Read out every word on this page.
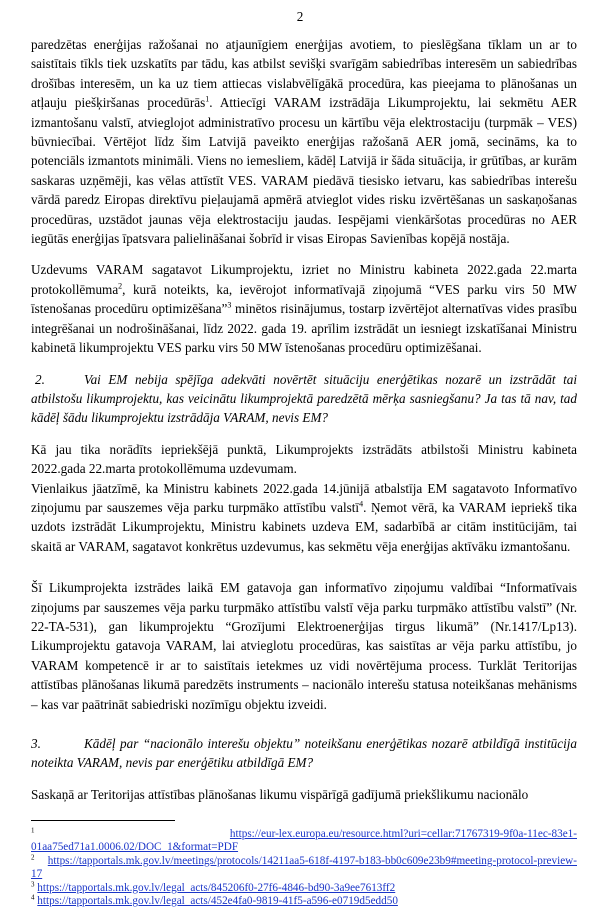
2

paredzētas enerģijas ražošanai no atjaunīgiem enerģijas avotiem, to pieslēgšana tīklam un ar to saistītais tīkls tiek uzskatīts par tādu, kas atbilst sevišķi svarīgām sabiedrības interesēm un sabiedrības drošības interesēm, un ka uz tiem attiecas vislabvēlīgākā procedūra, kas pieejama to plānošanas un atļauju piešķiršanas procedūrās$^1$. Attiecīgi VARAM izstrādāja Likumprojektu, lai sekmētu AER izmantošanu valstī, atvieglojot administratīvo procesu un kārtību vēja elektrostaciju (turpmāk – VES) būvniecībai. Vērtējot līdz šim Latvijā paveikto enerģijas ražošanā AER jomā, secināms, ka to potenciāls izmantots minimāli. Viens no iemesliem, kādēļ Latvijā ir šāda situācija, ir grūtības, ar kurām saskaras uzņēmēji, kas vēlas attīstīt VES. VARAM piedāvā tiesisko ietvaru, kas sabiedrības interešu vārdā paredz Eiropas direktīvu pieļaujamā apmērā atvieglot vides risku izvērtēšanas un saskaņošanas procedūras, uzstādot jaunas vēja elektrostaciju jaudas. Iespējami vienkāršotas procedūras no AER iegūtās enerģijas īpatsvara palielināšanai šobrīd ir visas Eiropas Savienības kopējā nostāja.

Uzdevums VARAM sagatavot Likumprojektu, izriet no Ministru kabineta 2022.gada 22.marta protokollēmuma$^2$, kurā noteikts, ka, ievērojot informatīvajā ziņojumā “VES parku virs 50 MW īstenošanas procedūru optimizēšana”$^3$ minētos risinājumus, tostarp izvērtējot alternatīvas vides prasību integrēšanai un nodrošināšanai, līdz 2022. gada 19. aprīlim izstrādāt un iesniegt izskatīšanai Ministru kabinetā likumprojektu VES parku virs 50 MW īstenošanas procedūru optimizēšanai.

2.	Vai EM nebija spējīga adekvāti novērtēt situāciju enerģētikas nozarē un izstrādāt tai atbilstošu likumprojektu, kas veicinātu likumprojektā paredzētā mērķa sasniegšanu? Ja tas tā nav, tad kādēļ šādu likumprojektu izstrādāja VARAM, nevis EM?

Kā jau tika norādīts iepriekšējā punktā, Likumprojekts izstrādāts atbilstoši Ministru kabineta 2022.gada 22.marta protokollēmuma uzdevumam.

Vienlaikus jāatzīmē, ka Ministru kabinets 2022.gada 14.jūnijā atbalstīja EM sagatavoto Informatīvo ziņojumu par sauszemes vēja parku turpmāko attīstību valstī$^4$. Ņemot vērā, ka VARAM iepriekš tika uzdots izstrādāt Likumprojektu, Ministru kabinets uzdeva EM, sadarbībā ar citām institūcijām, tai skaitā ar VARAM, sagatavot konkrētus uzdevumus, kas sekmētu vēja enerģijas aktīvāku izmantošanu.

Šī Likumprojekta izstrādes laikā EM gatavoja gan informatīvo ziņojumu valdībai “Informatīvais ziņojums par sauszemes vēja parku turpmāko attīstību valstī vēja parku turpmāko attīstību valstī” (Nr. 22-TA-531), gan likumprojektu “Grozījumi Elektroenerģijas tirgus likumā” (Nr.1417/Lp13). Likumprojektu gatavoja VARAM, lai atvieglotu procedūras, kas saistītas ar vēja parku attīstību, jo VARAM kompetencē ir ar to saistītais ietekmes uz vidi novērtējuma process. Turklāt Teritorijas attīstības plānošanas likumā paredzēts instruments – nacionālo interešu statusa noteikšanas mehānisms – kas var paātrināt sabiedriski nozīmīgu objektu izveidi.

3.	Kādēļ par “nacionālo interešu objektu” noteikšanu enerģētikas nozarē atbildīgā institūcija noteikta VARAM, nevis par enerģētiku atbildīgā EM?

Saskaņā ar Teritorijas attīstības plānošanas likumu vispārīgā gadījumā priekšlikumu nacionālo

$^1$	https://eur-lex.europa.eu/resource.html?uri=cellar:71767319-9f0a-11ec-83e1-01aa75ed71a1.0006.02/DOC_1&format=PDF

$^2$ https://tapportals.mk.gov.lv/meetings/protocols/14211aa5-618f-4197-b183-bb0c609e23b9#meeting-protocol-preview-17

$^3$ https://tapportals.mk.gov.lv/legal_acts/845206f0-27f6-4846-bd90-3a9ee7613ff2

$^4$ https://tapportals.mk.gov.lv/legal_acts/452e4fa0-9819-41f5-a596-e0719d5edd50
